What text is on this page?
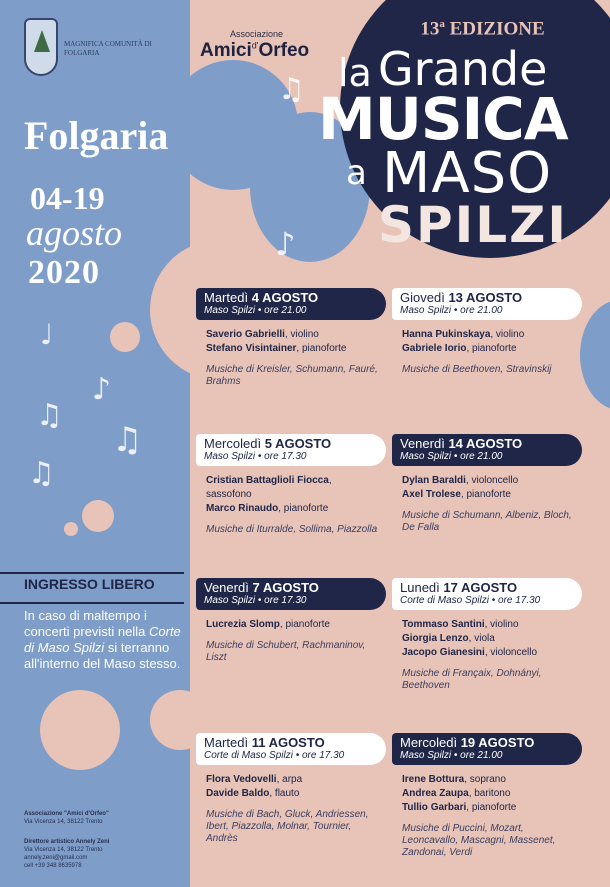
MAGNIFICA COMUNITÀ DI FOLGARIA
Associazione
Amici$^{d'}$Orfeo
13$^a$ EDIZIONE
la Grande
MUSICA
a MASO
SPILZI
Folgaria
04-19
agosto
2020
♫
♪
♩
♪
♫
♫
♫
INGRESSO LIBERO
In caso di maltempo i concerti previsti nella Corte di Maso Spilzi si terranno all'interno del Maso stesso.
Associazione "Amici d'Orfeo"
Via Vicenza 14, 38122 Trento
Direttore artistico Annely Zeni
Via Vicenza 14, 38122 Trento
annely.zeni@gmail.com
cell +39 348 8635978
Martedì 4 AGOSTO
Maso Spilzi • ore 21.00
Saverio Gabrielli, violino
Stefano Visintainer, pianoforte
Musiche di Kreisler, Schumann, Fauré, Brahms
Giovedì 13 AGOSTO
Maso Spilzi • ore 21.00
Hanna Pukinskaya, violino
Gabriele Iorio, pianoforte
Musiche di Beethoven, Stravinskij
Mercoledì 5 AGOSTO
Maso Spilzi • ore 17.30
Cristian Battaglioli Fiocca, sassofono
Marco Rinaudo, pianoforte
Musiche di Iturralde, Sollima, Piazzolla
Venerdì 14 AGOSTO
Maso Spilzi • ore 21.00
Dylan Baraldi, violoncello
Axel Trolese, pianoforte
Musiche di Schumann, Albeniz, Bloch, De Falla
Venerdì 7 AGOSTO
Maso Spilzi • ore 17.30
Lucrezia Slomp, pianoforte
Musiche di Schubert, Rachmaninov, Liszt
Lunedì 17 AGOSTO
Corte di Maso Spilzi • ore 17.30
Tommaso Santini, violino
Giorgia Lenzo, viola
Jacopo Gianesini, violoncello
Musiche di Françaix, Dohnányi, Beethoven
Martedì 11 AGOSTO
Corte di Maso Spilzi • ore 17.30
Flora Vedovelli, arpa
Davide Baldo, flauto
Musiche di Bach, Gluck, Andriessen, Ibert, Piazzolla, Molnar, Tournier, Andrès
Mercoledì 19 AGOSTO
Maso Spilzi • ore 21.00
Irene Bottura, soprano
Andrea Zaupa, baritono
Tullio Garbari, pianoforte
Musiche di Puccini, Mozart, Leoncavallo, Mascagni, Massenet, Zandonai, Verdi
